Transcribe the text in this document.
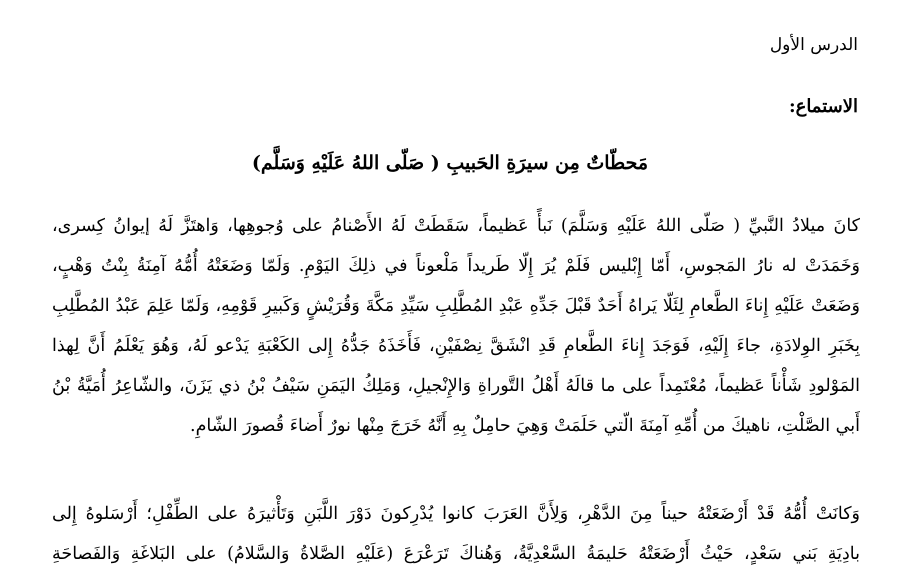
الدرس الأول
الاستماع:
مَحطّاتٌ مِن سيرَةِ الحَبيبِ ( صَلّى اللهُ عَلَيْهِ وَسَلَّم)

كانَ ميلادُ النَّبيِّ ( صَلّى اللهُ عَلَيْهِ وَسَلَّمَ) نَبأً عَظيماً، سَقَطَتْ لَهُ الأَصْنامُ على وُجوهِها، وَاهتَزَّ لَهُ إيوانُ كِسرى،
وَخَمَدَتْ له نارُ المَجوسِ، أَمّا إِبْليس فَلَمْ يُرَ إِلّا طَريداً مَلْعوناً في ذلِكَ اليَوْمِ. وَلَمّا وَضَعَتْهُ أُمُّهُ آمِنَةُ بِنْتُ وَهْبٍ،
وَضَعَتْ عَلَيْهِ إِناءَ الطَّعامِ لِئَلّا يَراهُ أَحَدٌ قَبْلَ جَدِّهِ عَبْدِ المُطَّلِبِ سَيِّدِ مَكَّةَ وَقُرَيْشٍ وَكَبيرِ قَوْمِهِ، وَلَمّا عَلِمَ عَبْدُ المُطَّلِبِ
بِخَبَرِ الوِلادَةِ، جاءَ إِلَيْهِ، فَوَجَدَ إِناءَ الطَّعامِ قَدِ انْشَقَّ نِصْفَيْنِ، فَأَخَذَهُ جَدُّهُ إِلى الكَعْبَةِ يَدْعو لَهُ، وَهُوَ يَعْلَمُ أَنَّ لِهذا
المَوْلودِ شَأْناً عَظيماً، مُعْتَمِداً على ما قالَهُ أَهْلُ التَّوراةِ وَالإِنْجيلِ، وَمَلِكُ اليَمَنِ سَيْفُ بْنُ ذي يَزَنَ، والشّاعِرُ أُمَيَّةُ بْنُ
أَبي الصَّلْتِ، ناهيكَ من أُمِّهِ آمِنَةَ الّتي حَلَمَتْ وَهِيَ حامِلٌ بِهِ أَنَّهُ خَرَجَ مِنْها نورٌ أَضاءَ قُصورَ الشّامِ.

وَكانَتْ أُمُّهُ قَدْ أَرْضَعَتْهُ حيناً مِنَ الدَّهْرِ، وَلِأَنَّ العَرَبَ كانوا يُدْرِكونَ دَوْرَ اللَّبَنِ وَتَأْثيرَهُ على الطِّفْلِ؛ أَرْسَلوهُ إِلى
بادِيَةِ بَني سَعْدٍ، حَيْثُ أَرْضَعَتْهُ حَليمَةُ السَّعْدِيَّةُ، وَهُناكَ تَرَعْرَعَ (عَلَيْهِ الصَّلاةُ وَالسَّلامُ) على البَلاغَةِ وَالفَصاحَةِ
